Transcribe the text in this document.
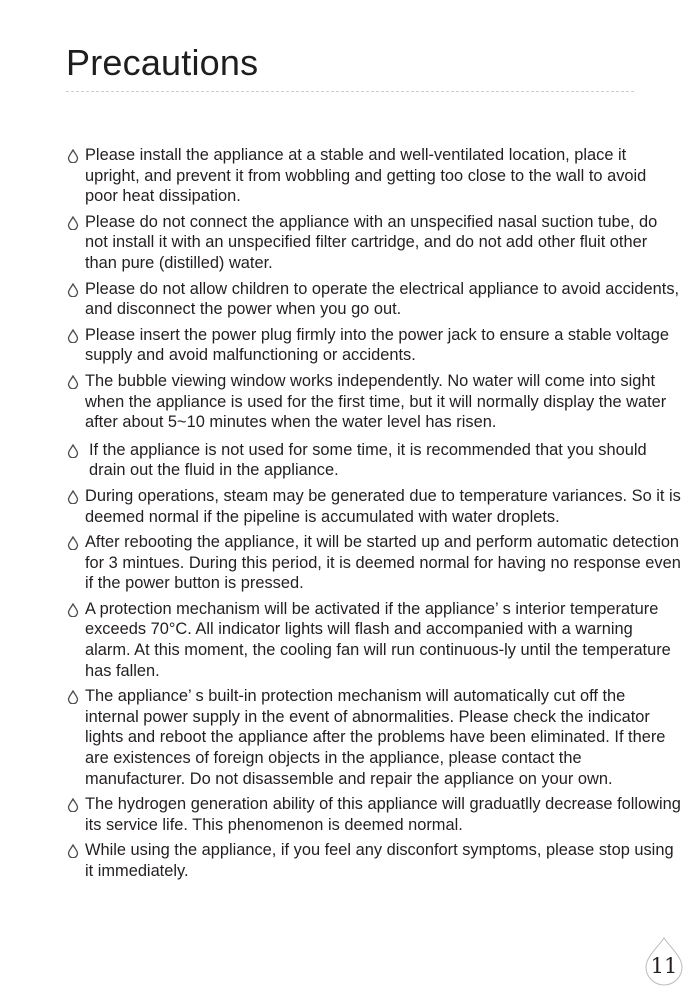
Precautions
Please install the appliance at a stable and well-ventilated location, place it upright, and prevent it from wobbling and getting too close to the wall to avoid poor heat dissipation.
Please do not connect the appliance with an unspecified nasal suction tube, do not install it with an unspecified filter cartridge, and do not add other fluit other than pure (distilled) water.
Please do not allow children to operate the electrical appliance to avoid accidents, and disconnect the power when you go out.
Please insert the power plug firmly into the power jack to ensure a stable voltage supply and avoid malfunctioning or accidents.
The bubble viewing window works independently. No water will come into sight when the appliance is used for the first time, but it will normally display the water after about 5~10 minutes when the water level has risen.
If the appliance is not used for some time, it is recommended that you should drain out the fluid in the appliance.
During operations, steam may be generated due to temperature variances. So it is deemed normal if the pipeline is accumulated with water droplets.
After rebooting the appliance, it will be started up and perform automatic detection for 3 mintues. During this period, it is deemed normal for having no response even if the power button is pressed.
A protection mechanism will be activated if the appliance’ s interior temperature exceeds 70°C. All indicator lights will flash and accompanied with a warning alarm. At this moment, the cooling fan will run continuous-ly until the temperature has fallen.
The appliance’ s built-in protection mechanism will automatically cut off the internal power supply in the event of abnormalities. Please check the indicator lights and reboot the appliance after the problems have been eliminated. If there are existences of foreign objects in the appliance, please contact the manufacturer. Do not disassemble and repair the appliance on your own.
The hydrogen generation ability of this appliance will graduatlly decrease following its service life. This phenomenon is deemed normal.
While using the appliance, if you feel any disconfort symptoms, please stop using it immediately.
11
